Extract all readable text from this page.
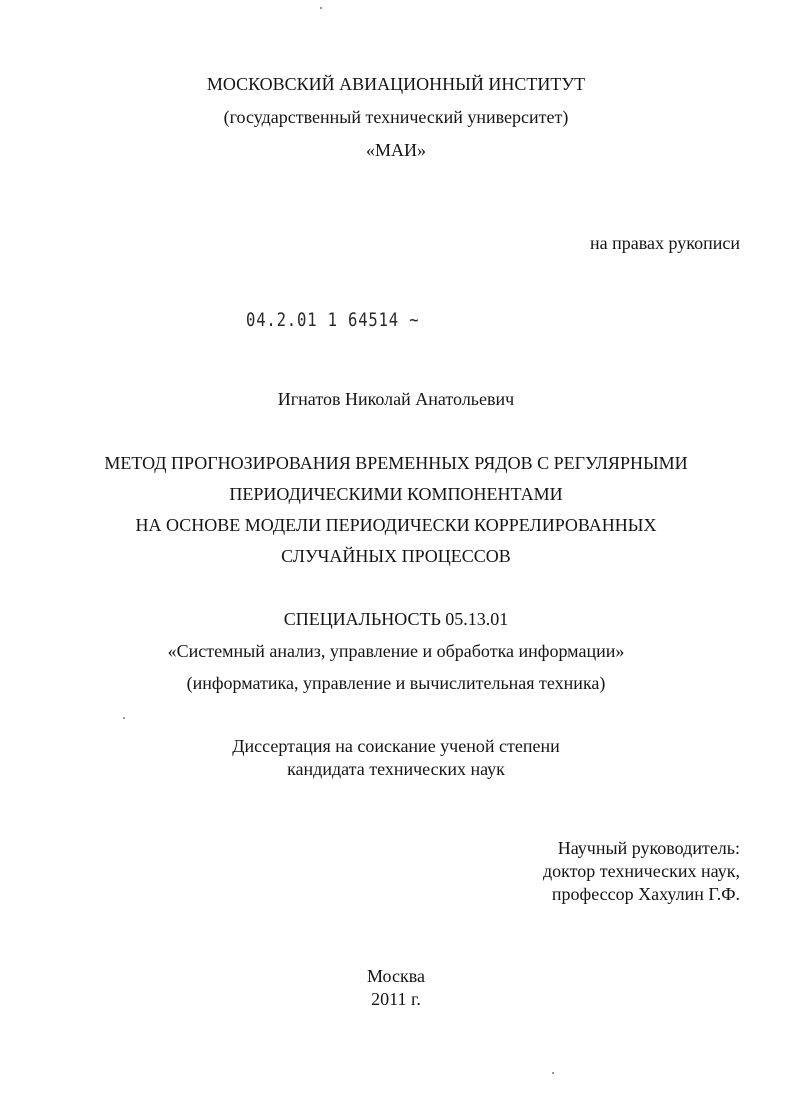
МОСКОВСКИЙ АВИАЦИОННЫЙ ИНСТИТУТ
(государственный технический университет)
«МАИ»
на правах рукописи
04.2.01 1 64514 ~
Игнатов Николай Анатольевич
МЕТОД ПРОГНОЗИРОВАНИЯ ВРЕМЕННЫХ РЯДОВ С РЕГУЛЯРНЫМИ
ПЕРИОДИЧЕСКИМИ КОМПОНЕНТАМИ
НА ОСНОВЕ МОДЕЛИ ПЕРИОДИЧЕСКИ КОРРЕЛИРОВАННЫХ
СЛУЧАЙНЫХ ПРОЦЕССОВ
СПЕЦИАЛЬНОСТЬ 05.13.01
«Системный анализ, управление и обработка информации»
(информатика, управление и вычислительная техника)
Диссертация на соискание ученой степени
кандидата технических наук
Научный руководитель:
доктор технических наук,
профессор Хахулин Г.Ф.
Москва
2011 г.
